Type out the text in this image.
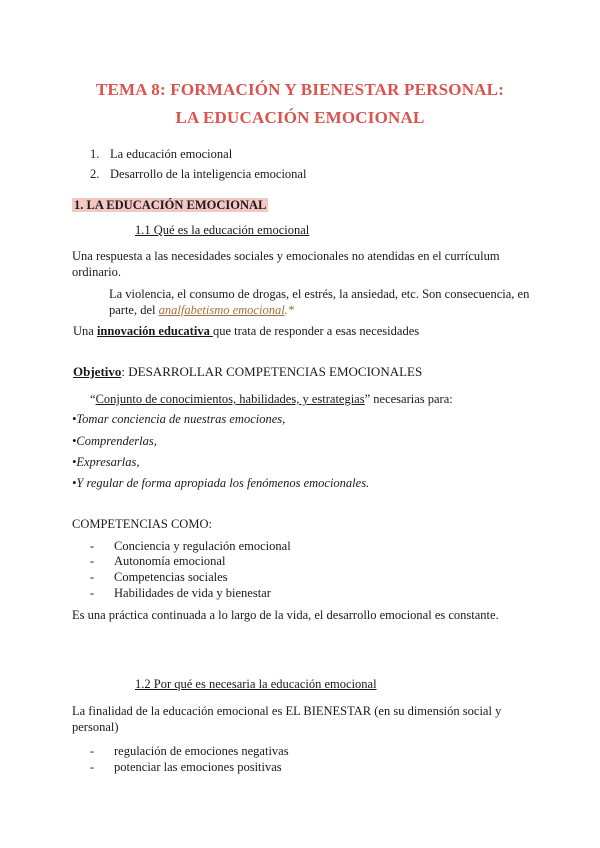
TEMA 8: FORMACIÓN Y BIENESTAR PERSONAL:
LA EDUCACIÓN EMOCIONAL
1. La educación emocional
2. Desarrollo de la inteligencia emocional
1. LA EDUCACIÓN EMOCIONAL
1.1 Qué es la educación emocional
Una respuesta a las necesidades sociales y emocionales no atendidas en el currículum ordinario.
La violencia, el consumo de drogas, el estrés, la ansiedad, etc. Son consecuencia, en
parte, del analfabetismo emocional.*
Una innovación educativa que trata de responder a esas necesidades
Objetivo: DESARROLLAR COMPETENCIAS EMOCIONALES
“Conjunto de conocimientos, habilidades, y estrategias” necesarias para:
•Tomar conciencia de nuestras emociones,
•Comprenderlas,
•Expresarlas,
•Y regular de forma apropiada los fenómenos emocionales.
COMPETENCIAS COMO:
- Conciencia y regulación emocional
- Autonomía emocional
- Competencias sociales
- Habilidades de vida y bienestar
Es una práctica continuada a lo largo de la vida, el desarrollo emocional es constante.
1.2 Por qué es necesaria la educación emocional
La finalidad de la educación emocional es EL BIENESTAR (en su dimensión social y personal)
- regulación de emociones negativas
- potenciar las emociones positivas
